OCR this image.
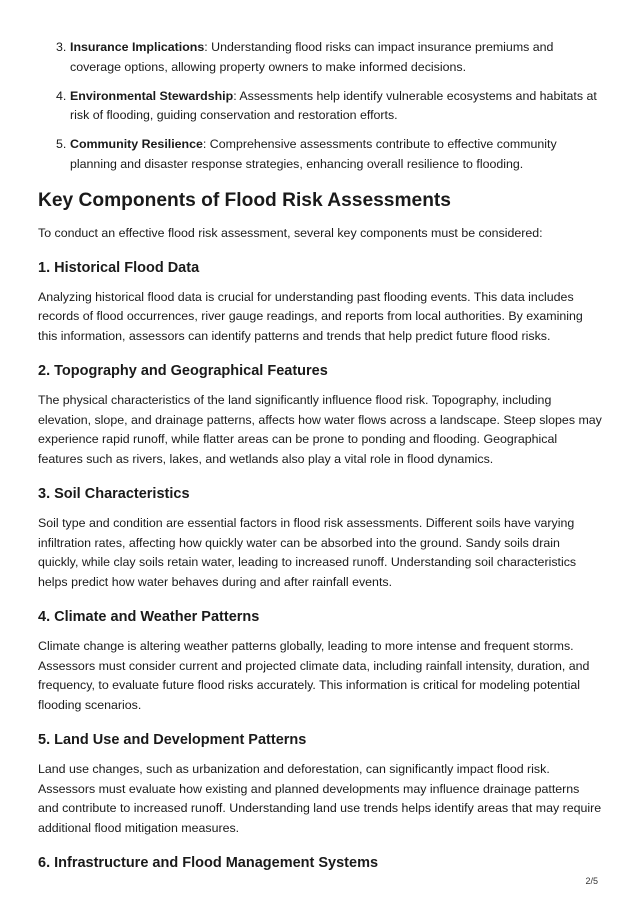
3. Insurance Implications: Understanding flood risks can impact insurance premiums and coverage options, allowing property owners to make informed decisions.
4. Environmental Stewardship: Assessments help identify vulnerable ecosystems and habitats at risk of flooding, guiding conservation and restoration efforts.
5. Community Resilience: Comprehensive assessments contribute to effective community planning and disaster response strategies, enhancing overall resilience to flooding.
Key Components of Flood Risk Assessments

To conduct an effective flood risk assessment, several key components must be considered:

1. Historical Flood Data

Analyzing historical flood data is crucial for understanding past flooding events. This data includes records of flood occurrences, river gauge readings, and reports from local authorities. By examining this information, assessors can identify patterns and trends that help predict future flood risks.

2. Topography and Geographical Features

The physical characteristics of the land significantly influence flood risk. Topography, including elevation, slope, and drainage patterns, affects how water flows across a landscape. Steep slopes may experience rapid runoff, while flatter areas can be prone to ponding and flooding. Geographical features such as rivers, lakes, and wetlands also play a vital role in flood dynamics.

3. Soil Characteristics

Soil type and condition are essential factors in flood risk assessments. Different soils have varying infiltration rates, affecting how quickly water can be absorbed into the ground. Sandy soils drain quickly, while clay soils retain water, leading to increased runoff. Understanding soil characteristics helps predict how water behaves during and after rainfall events.

4. Climate and Weather Patterns

Climate change is altering weather patterns globally, leading to more intense and frequent storms. Assessors must consider current and projected climate data, including rainfall intensity, duration, and frequency, to evaluate future flood risks accurately. This information is critical for modeling potential flooding scenarios.

5. Land Use and Development Patterns

Land use changes, such as urbanization and deforestation, can significantly impact flood risk. Assessors must evaluate how existing and planned developments may influence drainage patterns and contribute to increased runoff. Understanding land use trends helps identify areas that may require additional flood mitigation measures.

6. Infrastructure and Flood Management Systems
2/5
